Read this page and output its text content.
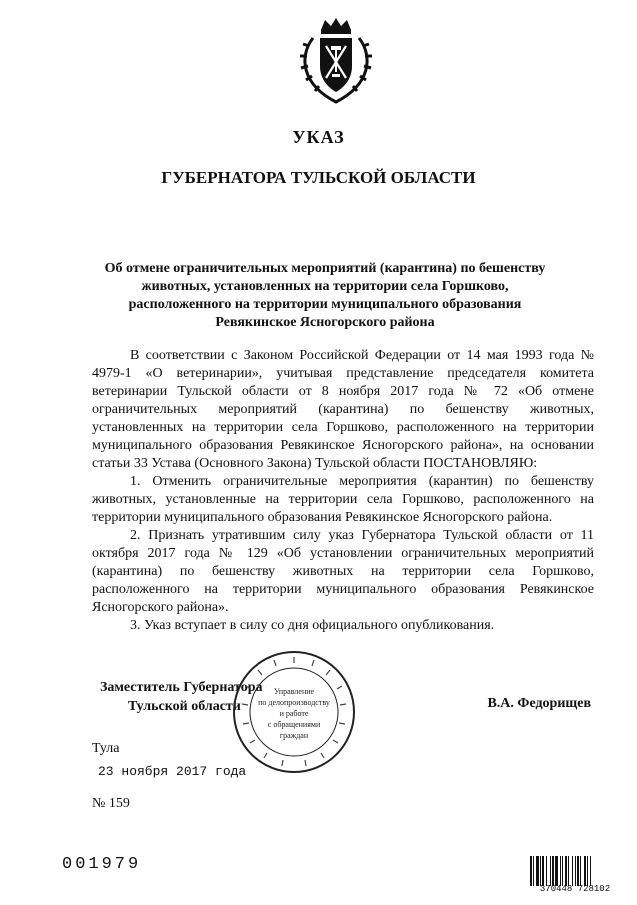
УКАЗ
ГУБЕРНАТОРА ТУЛЬСКОЙ ОБЛАСТИ
Об отмене ограничительных мероприятий (карантина) по бешенству
животных, установленных на территории села Горшково,
расположенного на территории муниципального образования
Ревякинское Ясногорского района

В соответствии с Законом Российской Федерации от 14 мая 1993 года № 4979-1 «О ветеринарии», учитывая представление председателя комитета ветеринарии Тульской области от 8 ноября 2017 года № 72 «Об отмене ограничительных мероприятий (карантина) по бешенству животных, установленных на территории села Горшково, расположенного на территории муниципального образования Ревякинское Ясногорского района», на основании статьи 33 Устава (Основного Закона) Тульской области ПОСТАНОВЛЯЮ:

1. Отменить ограничительные мероприятия (карантин) по бешенству животных, установленные на территории села Горшково, расположенного на территории муниципального образования Ревякинское Ясногорского района.

2. Признать утратившим силу указ Губернатора Тульской области от 11 октября 2017 года № 129 «Об установлении ограничительных мероприятий (карантина) по бешенству животных на территории села Горшково, расположенного на территории муниципального образования Ревякинское Ясногорского района».

3. Указ вступает в силу со дня официального опубликования.

Заместитель Губернатора
Тульской области	В.А. Федорищев
Управление
по делопроизводству
и работе
с обращениями
граждан
Тула
23 ноября 2017 года
№ 159
001979
370448 728102
